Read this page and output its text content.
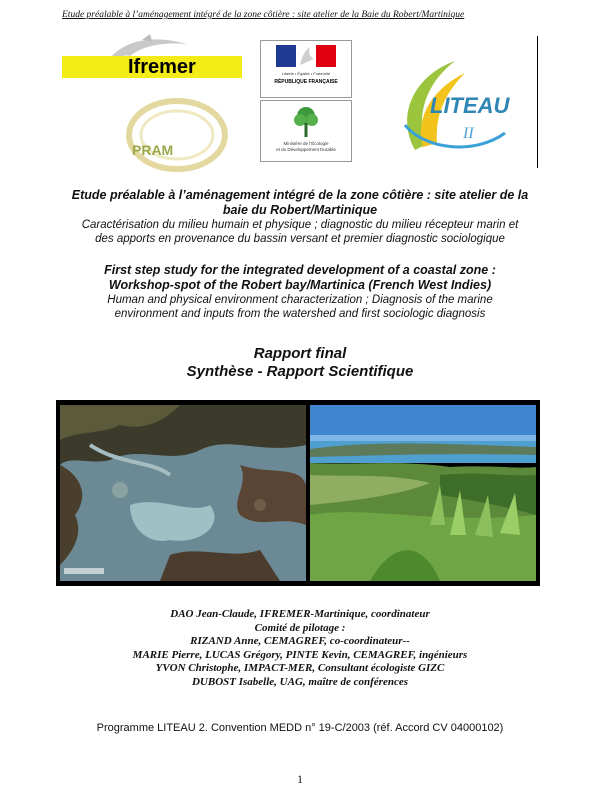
Etude préalable à l’aménagement intégré de la zone côtière : site atelier de la Baie du Robert/Martinique
Ifremer
PRAM
Liberté • Égalité • Fraternité
RÉPUBLIQUE FRANÇAISE
Ministère de l’Écologie
et du Développement Durable
LITEAU
II
Etude préalable à l’aménagement intégré de la zone côtière : site atelier de la
baie du Robert/Martinique
Caractérisation du milieu humain et physique ; diagnostic du milieu récepteur marin et
des apports en provenance du bassin versant et premier diagnostic sociologique
First step study for the integrated development of a coastal zone :
Workshop-spot of the Robert bay/Martinica (French West Indies)
Human and physical environment characterization ; Diagnosis of the marine
environment and inputs from the watershed and first sociologic diagnosis
Rapport final
Synthèse - Rapport Scientifique
DAO Jean-Claude, IFREMER-Martinique, coordinateur
Comité de pilotage :
RIZAND Anne, CEMAGREF, co-coordinateur--
MARIE Pierre, LUCAS Grégory, PINTE Kevin, CEMAGREF, ingénieurs
YVON Christophe, IMPACT-MER, Consultant écologiste GIZC
DUBOST Isabelle, UAG, maître de conférences
Programme LITEAU 2. Convention MEDD n° 19-C/2003 (réf. Accord CV 04000102)
1
